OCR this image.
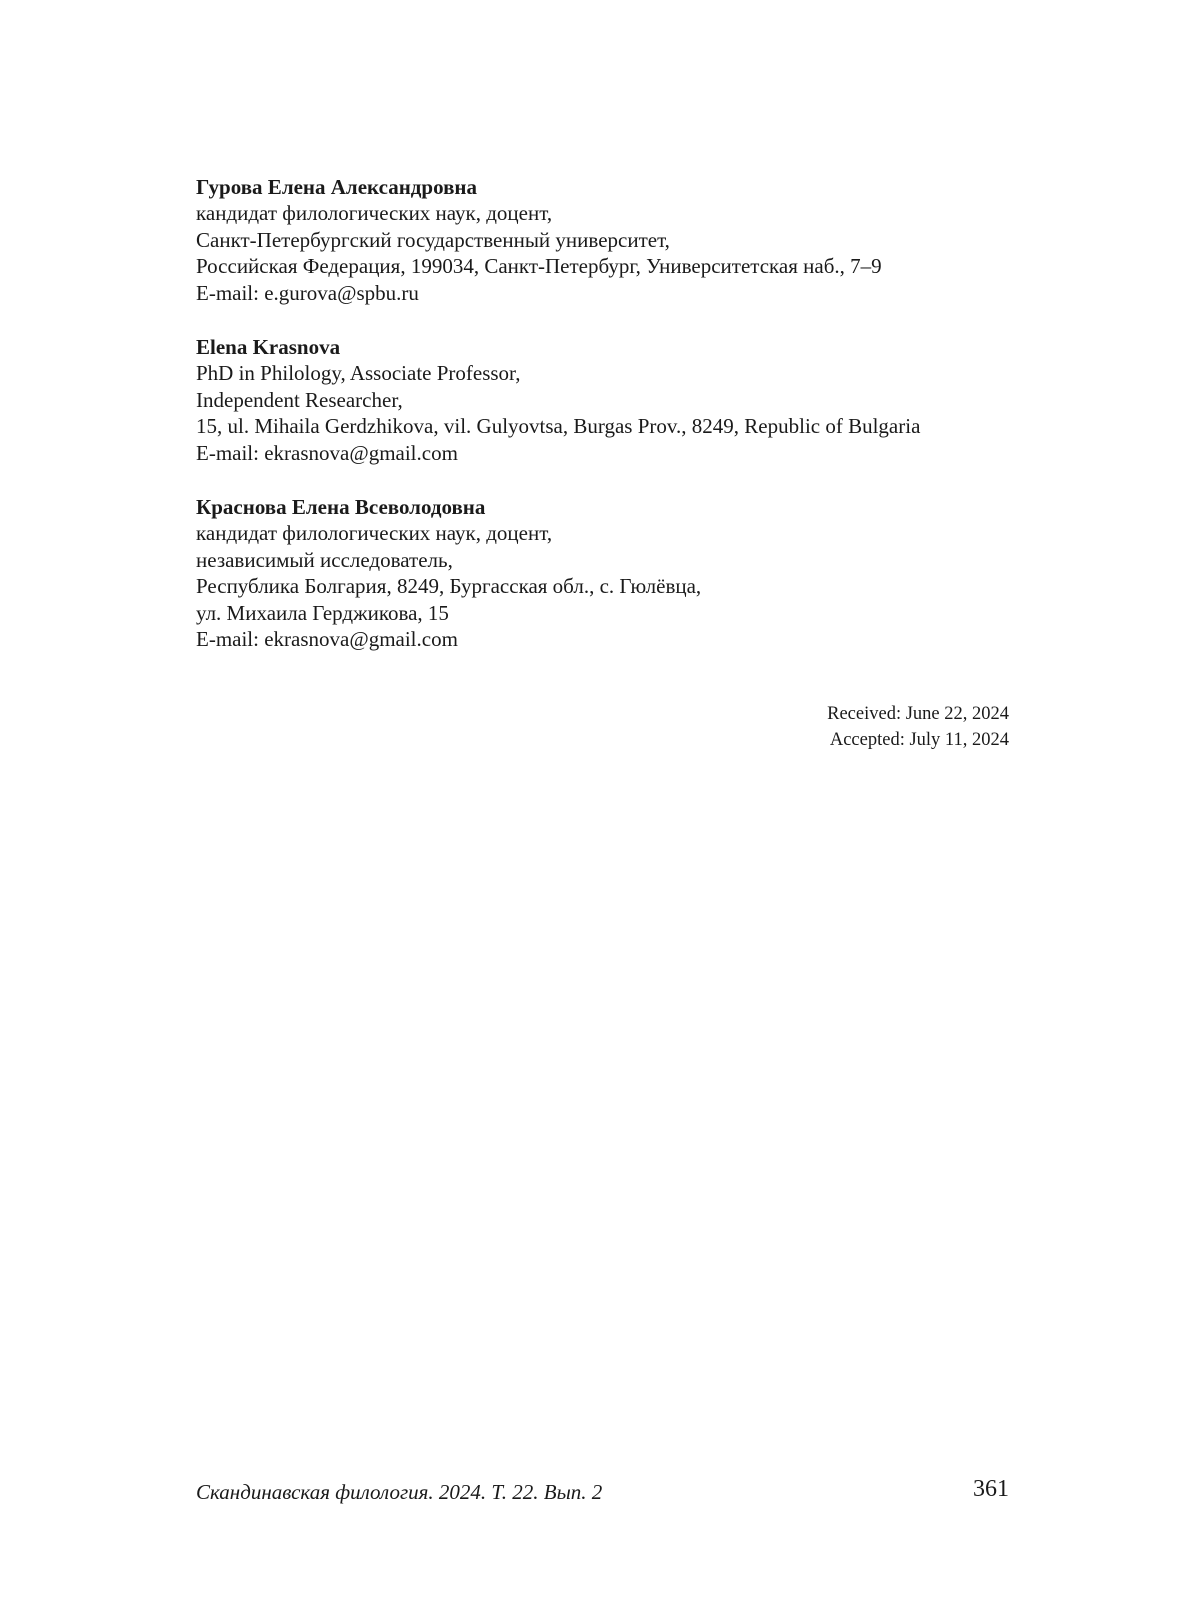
Гурова Елена Александровна
кандидат филологических наук, доцент,
Санкт-Петербургский государственный университет,
Российская Федерация, 199034, Санкт-Петербург, Университетская наб., 7–9
E-mail: e.gurova@spbu.ru
Elena Krasnova
PhD in Philology, Associate Professor,
Independent Researcher,
15, ul. Mihaila Gerdzhikova, vil. Gulyovtsa, Burgas Prov., 8249, Republic of Bulgaria
E-mail: ekrasnova@gmail.com
Краснова Елена Всеволодовна
кандидат филологических наук, доцент,
независимый исследователь,
Республика Болгария, 8249, Бургасская обл., с. Гюлёвца,
ул. Михаила Герджикова, 15
E-mail: ekrasnova@gmail.com
Received: June 22, 2024
Accepted: July 11, 2024
Скандинавская филология. 2024. Т. 22. Вып. 2	361
